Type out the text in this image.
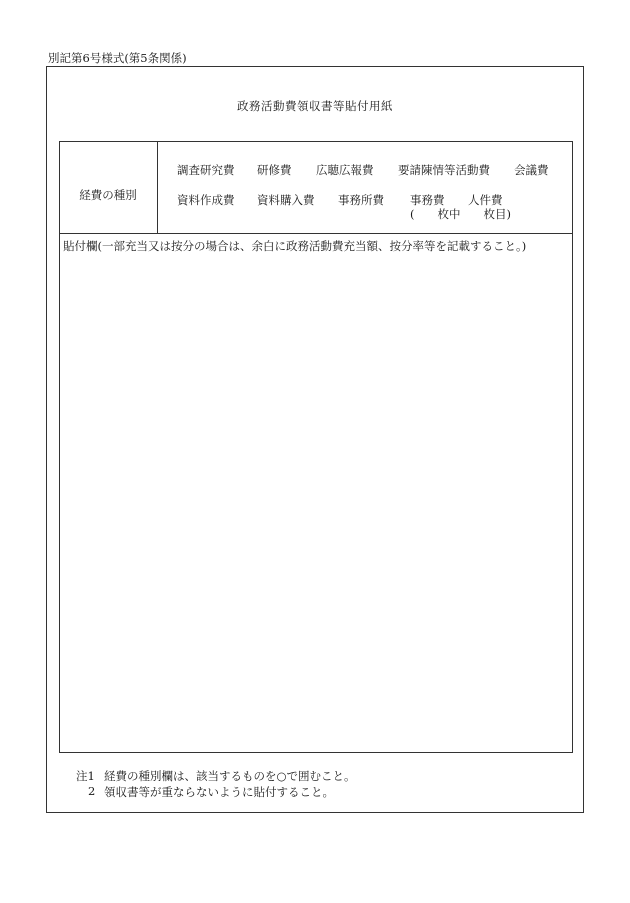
別記第6号様式(第5条関係)
政務活動費領収書等貼付用紙
経費の種別
調査研究費 研修費 広聴広報費 要請陳情等活動費 会議費
資料作成費 資料購入費 事務所費 事務費 人件費
(　　枚中　　枚目)
貼付欄(一部充当又は按分の場合は、余白に政務活動費充当額、按分率等を記載すること。)
注1 経費の種別欄は、該当するものを○で囲むこと。
2 領収書等が重ならないように貼付すること。
